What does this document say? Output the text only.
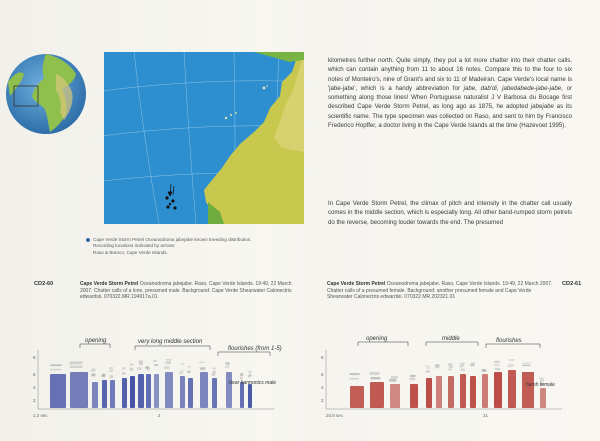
Cape Verde Storm Petrel Oceanodroma jabejabe known breeding distribution.
Recording locations indicated by arrows:
Raso & Branco, Cape Verde Islands.

kilometres further north. Quite simply, they put a lot more chatter into their chatter calls, which can contain anything from 11 to about 16 notes. Compare this to the four to six notes of Monteiro's, nine of Grant's and six to 11 of Madeiran. Cape Verde's local name is 'jabe-jabe', which is a handy abbreviation for jabe, dab'di, jabedabede-jabe-jabe, or something along those lines! When Portuguese naturalist J V Barbosa du Bocage first described Cape Verde Storm Petrel, as long ago as 1875, he adopted jabejabe as its scientific name. The type specimen was collected on Raso, and sent to him by Francisco Frederico Hopffer, a doctor living in the Cape Verde Islands at the time (Hazevoet 1995).

In Cape Verde Storm Petrel, the climax of pitch and intensity in the chatter call usually comes in the middle section, which is especially long. All other band-rumped storm petrels do the reverse, becoming louder towards the end. The presumed

CD2-60	Cape Verde Storm Petrel Oceanodroma jabejabe. Raso, Cape Verde Islands. 19:49, 22 March 2007. Chatter calls of a lone, presumed male. Background: Cape Verde Shearwater Calonectris edwardsii. 070322.MR.194917a.01
Cape Verde Storm Petrel Oceanodroma jabejabe. Raso, Cape Verde Islands. 19:49, 22 March 2007. Chatter calls of a presumed female. Background: another presumed female and Cape Verde Shearwater Calonectris edwardsii. 070322.MR.202321.01
CD2-61
8
6
4
2
1.2 sec	2
opening	very long middle section
flourishes (from 1-5)
clear harmonics male
8
6
4
2
20.8 sec	21
opening	middle	flourishes
harsh female
